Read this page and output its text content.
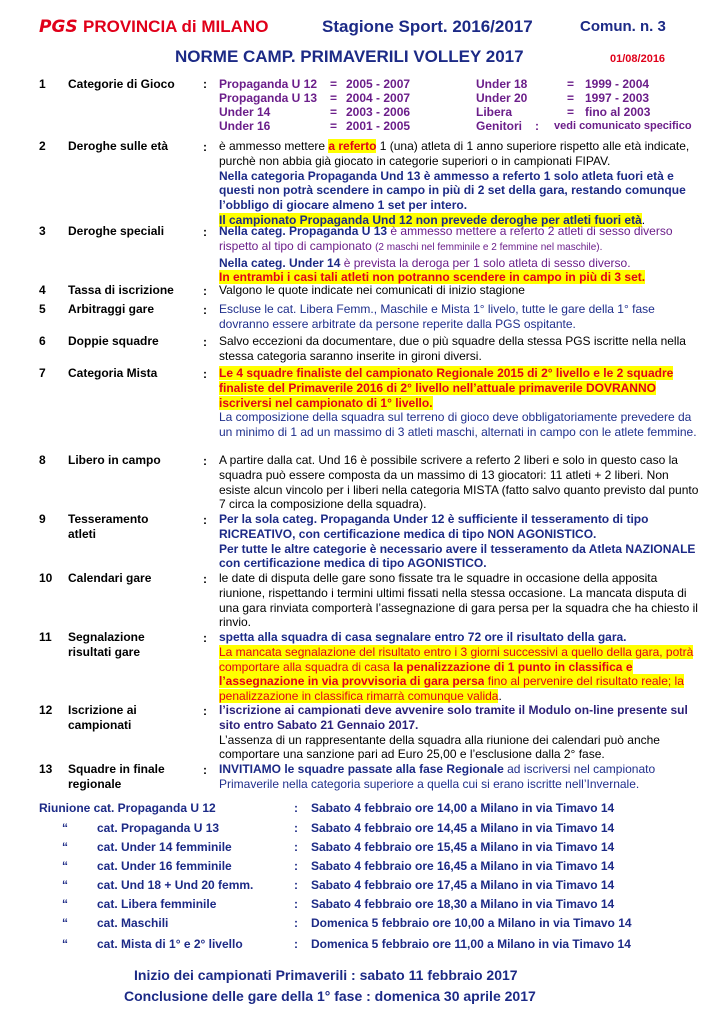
PGS PROVINCIA di MILANO	Stagione Sport. 2016/2017	Comun. n. 3
NORME CAMP. PRIMAVERILI VOLLEY 2017	01/08/2016
1 Categorie di Gioco : Propaganda U 12 = 2005 - 2007
Propaganda U 13 = 2004 - 2007
Under 14	= 2003 - 2006
Under 16	= 2001 - 2005
Under 18	= 1999 - 2004
Under 20	= 1997 - 2003
Libera	= fino al 2003
Genitori : vedi comunicato specifico
2 Deroghe sulle età	: è ammesso mettere a referto 1 (una) atleta di 1 anno superiore rispetto alle età indicate, purchè non abbia già giocato in categorie superiori o in campionati FIPAV.

Nella categoria Propaganda Und 13 è ammesso a referto 1 solo atleta fuori età e questi non potrà scendere in campo in più di 2 set della gara, restando comunque l’obbligo di giocare almeno 1 set per intero.

Il campionato Propaganda Und 12 non prevede deroghe per atleti fuori età.

3 Deroghe speciali	: Nella categ. Propaganda U 13 è ammesso mettere a referto 2 atleti di sesso diverso rispetto al tipo di campionato (2 maschi nel femminile e 2 femmine nel maschile).

Nella categ. Under 14 è prevista la deroga per 1 solo atleta di sesso diverso.

In entrambi i casi tali atleti non potranno scendere in campo in più di 3 set.

4 Tassa di iscrizione : Valgono le quote indicate nei comunicati di inizio stagione
5 Arbitraggi gare	: Escluse le cat. Libera Femm., Maschile e Mista 1° livelo, tutte le gare della 1° fase dovranno essere arbitrate da persone reperite dalla PGS ospitante.
6 Doppie squadre	: Salvo eccezioni da documentare, due o più squadre della stessa PGS iscritte nella nella stessa categoria saranno inserite in gironi diversi.
7 Categoria Mista	: Le 4 squadre finaliste del campionato Regionale 2015 di 2° livello e le 2 squadre finaliste del Primaverile 2016 di 2° livello nell’attuale primaverile DOVRANNO iscriversi nel campionato di 1° livello.

La composizione della squadra sul terreno di gioco deve obbligatoriamente prevedere da un minimo di 1 ad un massimo di 3 atleti maschi, alternati in campo con le atlete femmine.

8 Libero in campo	: A partire dalla cat. Und 16 è possibile scrivere a referto 2 liberi e solo in questo caso la squadra può essere composta da un massimo di 13 giocatori: 11 atleti + 2 liberi. Non esiste alcun vincolo per i liberi nella categoria MISTA (fatto salvo quanto previsto dal punto 7 circa la composizione della squadra).
9 Tesseramento
atleti
: Per la sola categ. Propaganda Under 12 è sufficiente il tesseramento di tipo RICREATIVO, con certificazione medica di tipo NON AGONISTICO.

Per tutte le altre categorie è necessario avere il tesseramento da Atleta NAZIONALE con certificazione medica di tipo AGONISTICO.

10 Calendari gare	: le date di disputa delle gare sono fissate tra le squadre in occasione della apposita riunione, rispettando i termini ultimi fissati nella stessa occasione. La mancata disputa di una gara rinviata comporterà l’assegnazione di gara persa per la squadra che ha chiesto il rinvio.
11 Segnalazione
risultati gare
: spetta alla squadra di casa segnalare entro 72 ore il risultato della gara.

La mancata segnalazione del risultato entro i 3 giorni successivi a quello della gara, potrà comportare alla squadra di casa la penalizzazione di 1 punto in classifica e l’assegnazione in via provvisoria di gara persa fino al pervenire del risultato reale; la penalizzazione in classifica rimarrà comunque valida.

12 Iscrizione ai
campionati
: l’iscrizione ai campionati deve avvenire solo tramite il Modulo on-line presente sul sito entro Sabato 21 Gennaio 2017.

L’assenza di un rappresentante della squadra alla riunione dei calendari può anche comportare una sanzione pari ad Euro 25,00 e l’esclusione dalla 2° fase.

13 Squadre in finale
regionale
: INVITIAMO le squadre passate alla fase Regionale ad iscriversi nel campionato Primaverile nella categoria superiore a quella cui si erano iscritte nell’Invernale.

Riunione cat. Propaganda U 12	: Sabato 4 febbraio ore 14,00 a Milano in via Timavo 14
“ cat. Propaganda U 13	: Sabato 4 febbraio ore 14,45 a Milano in via Timavo 14
“ cat. Under 14 femminile	: Sabato 4 febbraio ore 15,45 a Milano in via Timavo 14
“ cat. Under 16 femminile	: Sabato 4 febbraio ore 16,45 a Milano in via Timavo 14
“ cat. Und 18 + Und 20 femm.	: Sabato 4 febbraio ore 17,45 a Milano in via Timavo 14
“ cat. Libera femminile	: Sabato 4 febbraio ore 18,30 a Milano in via Timavo 14
“ cat. Maschili	: Domenica 5 febbraio ore 10,00 a Milano in via Timavo 14
“ cat. Mista di 1° e 2° livello	: Domenica 5 febbraio ore 11,00 a Milano in via Timavo 14
Inizio dei campionati Primaverili : sabato 11 febbraio 2017
Conclusione delle gare della 1° fase : domenica 30 aprile 2017
